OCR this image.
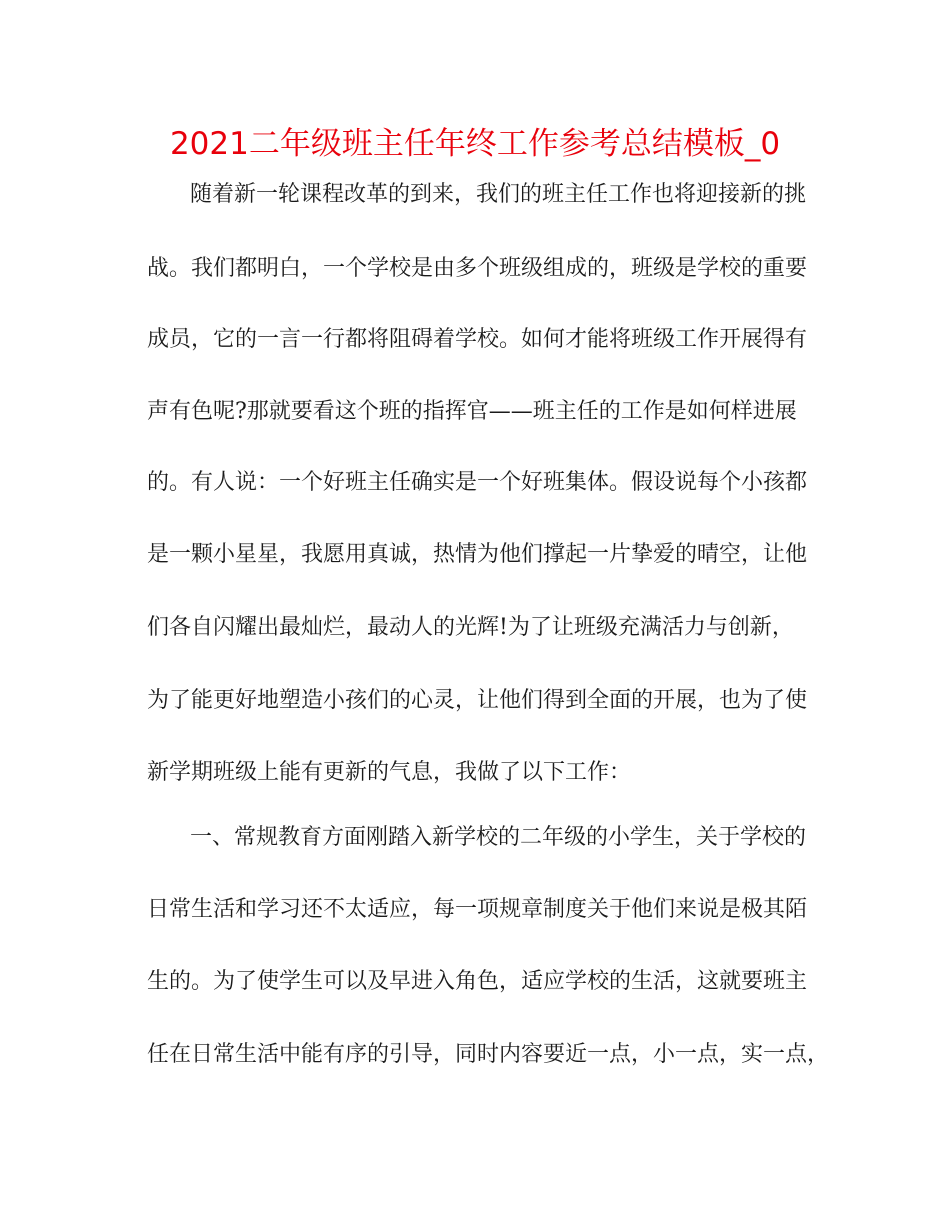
2021二年级班主任年终工作参考总结模板_0
随着新一轮课程改革的到来，我们的班主任工作也将迎接新的挑
战。我们都明白，一个学校是由多个班级组成的，班级是学校的重要
成员，它的一言一行都将阻碍着学校。如何才能将班级工作开展得有
声有色呢?那就要看这个班的指挥官——班主任的工作是如何样进展
的。有人说：一个好班主任确实是一个好班集体。假设说每个小孩都
是一颗小星星，我愿用真诚，热情为他们撑起一片挚爱的晴空，让他
们各自闪耀出最灿烂，最动人的光辉!为了让班级充满活力与创新，
为了能更好地塑造小孩们的心灵，让他们得到全面的开展，也为了使
新学期班级上能有更新的气息，我做了以下工作：
一、常规教育方面刚踏入新学校的二年级的小学生，关于学校的
日常生活和学习还不太适应，每一项规章制度关于他们来说是极其陌
生的。为了使学生可以及早进入角色，适应学校的生活，这就要班主
任在日常生活中能有序的引导，同时内容要近一点，小一点，实一点，
